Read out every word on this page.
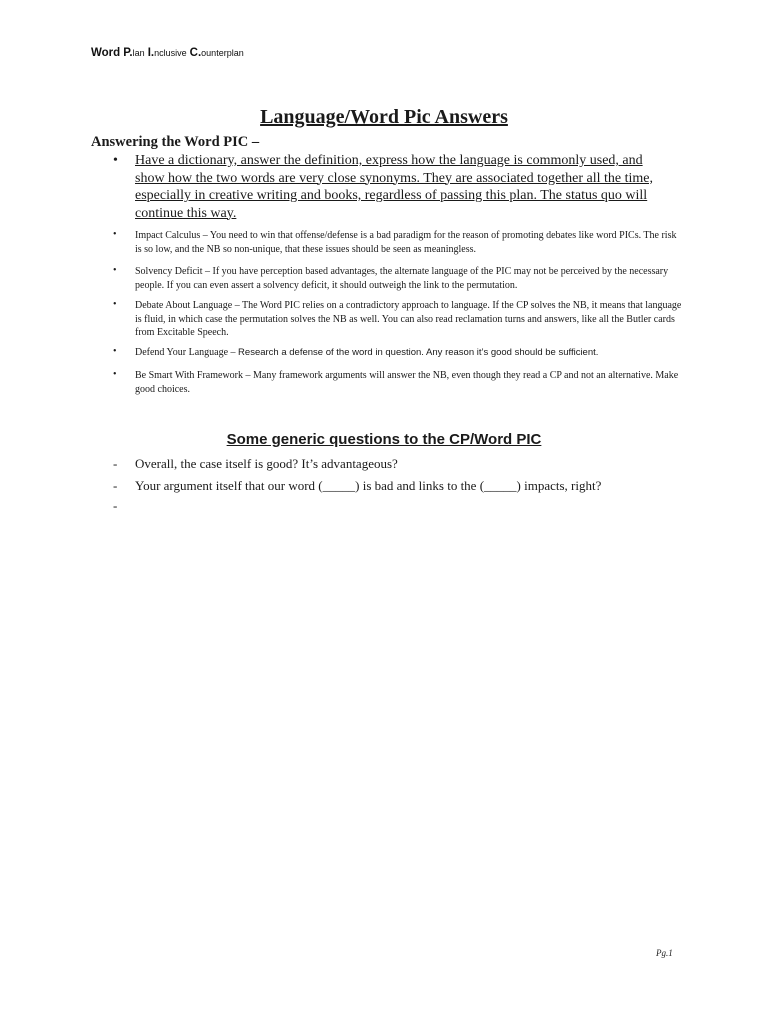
Word P.lan I.nclusive C.ounterplan
Language/Word Pic Answers
Answering the Word PIC –
• Have a dictionary, answer the definition, express how the language is commonly used, and show how the two words are very close synonyms. They are associated together all the time, especially in creative writing and books, regardless of passing this plan. The status quo will continue this way.
• Impact Calculus – You need to win that offense/defense is a bad paradigm for the reason of promoting debates like word PICs. The risk is so low, and the NB so non-unique, that these issues should be seen as meaningless.
• Solvency Deficit – If you have perception based advantages, the alternate language of the PIC may not be perceived by the necessary people. If you can even assert a solvency deficit, it should outweigh the link to the permutation.
• Debate About Language – The Word PIC relies on a contradictory approach to language. If the CP solves the NB, it means that language is fluid, in which case the permutation solves the NB as well. You can also read reclamation turns and answers, like all the Butler cards from Excitable Speech.
• Defend Your Language – Research a defense of the word in question. Any reason it’s good should be sufficient.
• Be Smart With Framework – Many framework arguments will answer the NB, even though they read a CP and not an alternative. Make good choices.
Some generic questions to the CP/Word PIC
- Overall, the case itself is good? It’s advantageous?
- Your argument itself that our word (_____) is bad and links to the (_____) impacts, right?
-
Pg.1
